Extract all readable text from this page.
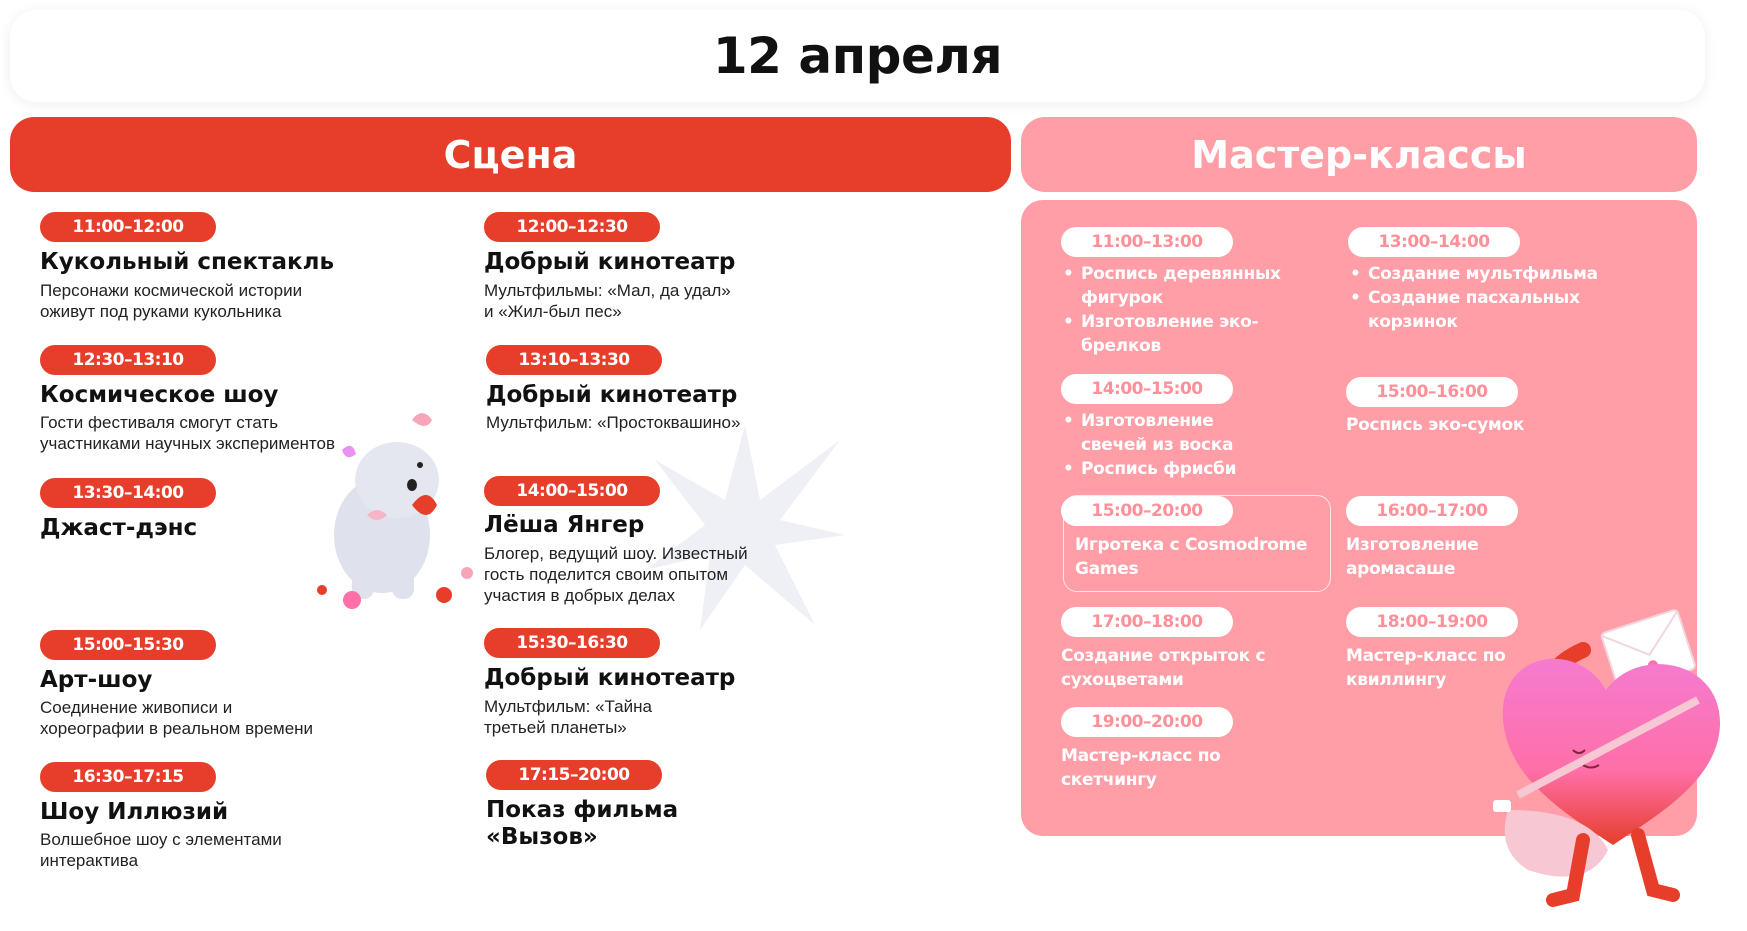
12 апреля
Сцена	Мастер-классы
11:00–12:00
Кукольный спектакль
Персонажи космической истории оживут под руками кукольника
12:00–12:30
Добрый кинотеатр
Мультфильмы: «Мал, да удал» и «Жил-был пес»
12:30–13:10
Космическое шоу
Гости фестиваля смогут стать участниками научных экспериментов
13:10–13:30
Добрый кинотеатр
Мультфильм: «Простоквашино»
13:30–14:00
Джаст-дэнс
14:00–15:00
Лёша Янгер
Блогер, ведущий шоу. Известный гость поделится своим опытом участия в добрых делах
15:00–15:30
Арт-шоу
Соединение живописи и хореографии в реальном времени
15:30–16:30
Добрый кинотеатр
Мультфильм: «Тайна третьей планеты»
16:30–17:15
Шоу Иллюзий
Волшебное шоу с элементами интерактива
17:15–20:00
Показ фильма «Вызов»
11:00–13:00
• Роспись деревянных фигурок
• Изготовление эко-брелков
13:00–14:00
• Создание мультфильма
• Создание пасхальных корзинок
14:00–15:00
• Изготовление свечей из воска
• Роспись фрисби
15:00–16:00
Роспись эко-сумок
15:00–20:00
Игротека с Cosmodrome Games
16:00–17:00
Изготовление аромасаше
17:00–18:00
Создание открыток с сухоцветами
18:00–19:00
Мастер-класс по квиллингу
19:00–20:00
Мастер-класс по скетчингу
